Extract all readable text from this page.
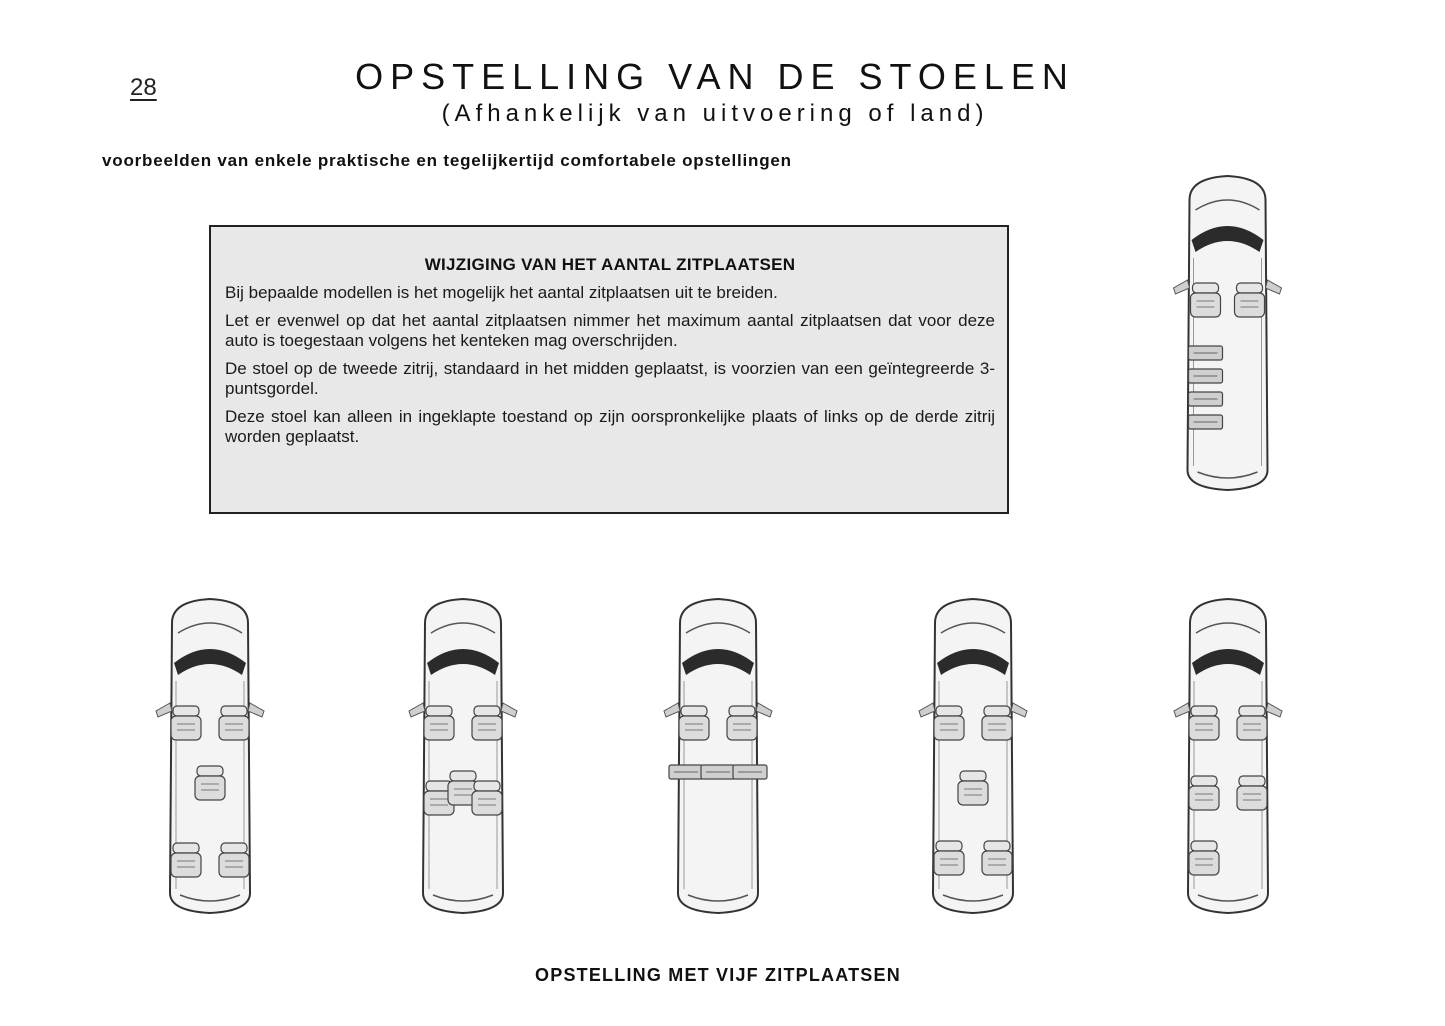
28	OPSTELLING VAN DE STOELEN
(Afhankelijk van uitvoering of land)
voorbeelden van enkele praktische en tegelijkertijd comfortabele opstellingen
WIJZIGING VAN HET AANTAL ZITPLAATSEN

Bij bepaalde modellen is het mogelijk het aantal zitplaatsen uit te breiden.

Let er evenwel op dat het aantal zitplaatsen nimmer het maximum aantal zitplaatsen dat voor deze auto is toegestaan volgens het kenteken mag overschrijden.

De stoel op de tweede zitrij, standaard in het midden geplaatst, is voorzien van een geïntegreerde 3-puntsgordel.

Deze stoel kan alleen in ingeklapte toestand op zijn oorspronkelijke plaats of links op de derde zitrij worden geplaatst.

OPSTELLING MET VIJF ZITPLAATSEN
